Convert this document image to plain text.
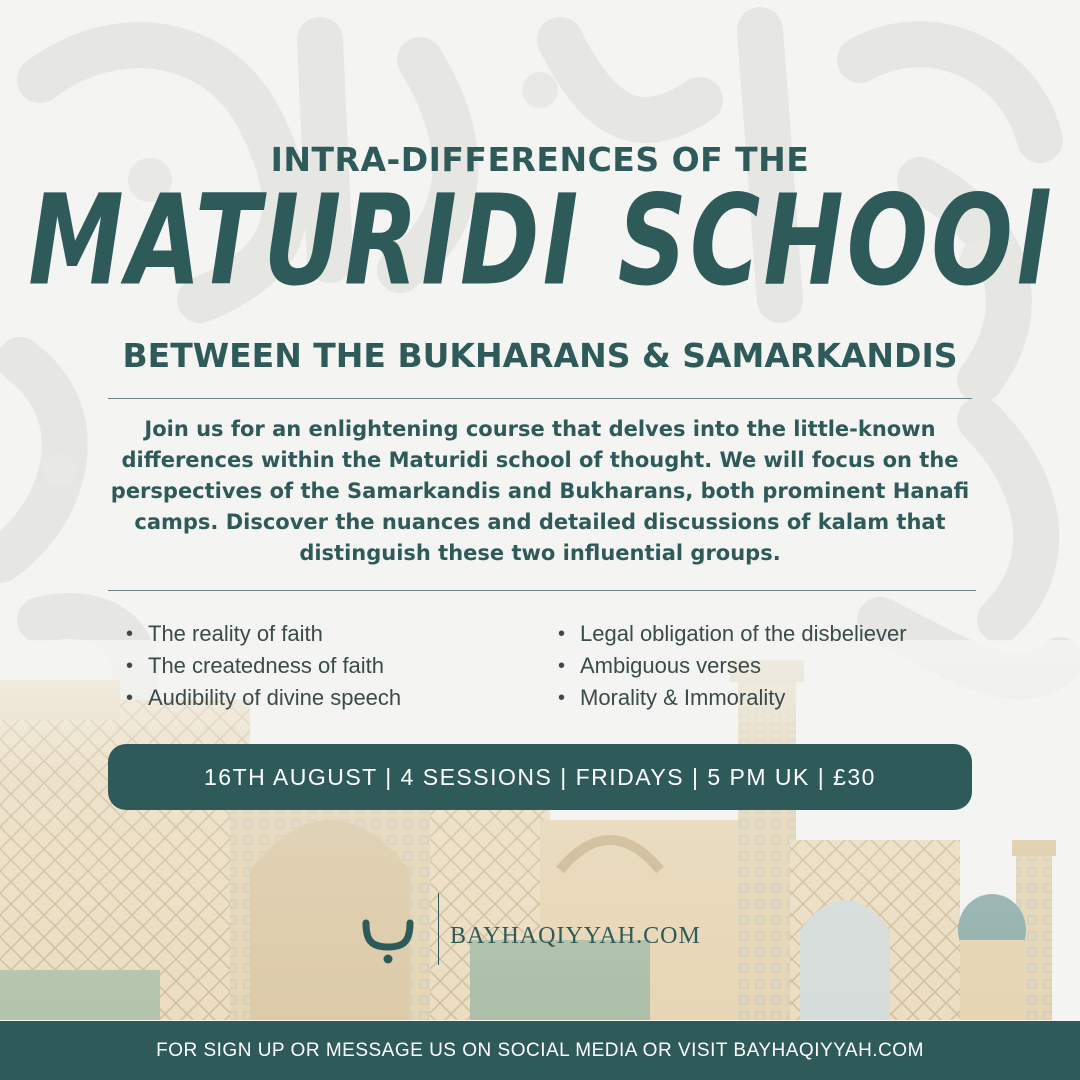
INTRA-DIFFERENCES OF THE
MATURIDI SCHOOl
BETWEEN THE BUKHARANS & SAMARKANDIS
Join us for an enlightening course that delves into the little-known differences within the Maturidi school of thought. We will focus on the perspectives of the Samarkandis and Bukharans, both prominent Hanafi camps. Discover the nuances and detailed discussions of kalam that distinguish these two influential groups.
• The reality of faith
• The createdness of faith
• Audibility of divine speech
• Legal obligation of the disbeliever
• Ambiguous verses
• Morality & Immorality
16TH AUGUST | 4 SESSIONS | FRIDAYS | 5 PM UK | £30
BAYHAQIYYAH.COM
FOR SIGN UP OR MESSAGE US ON SOCIAL MEDIA OR VISIT BAYHAQIYYAH.COM
